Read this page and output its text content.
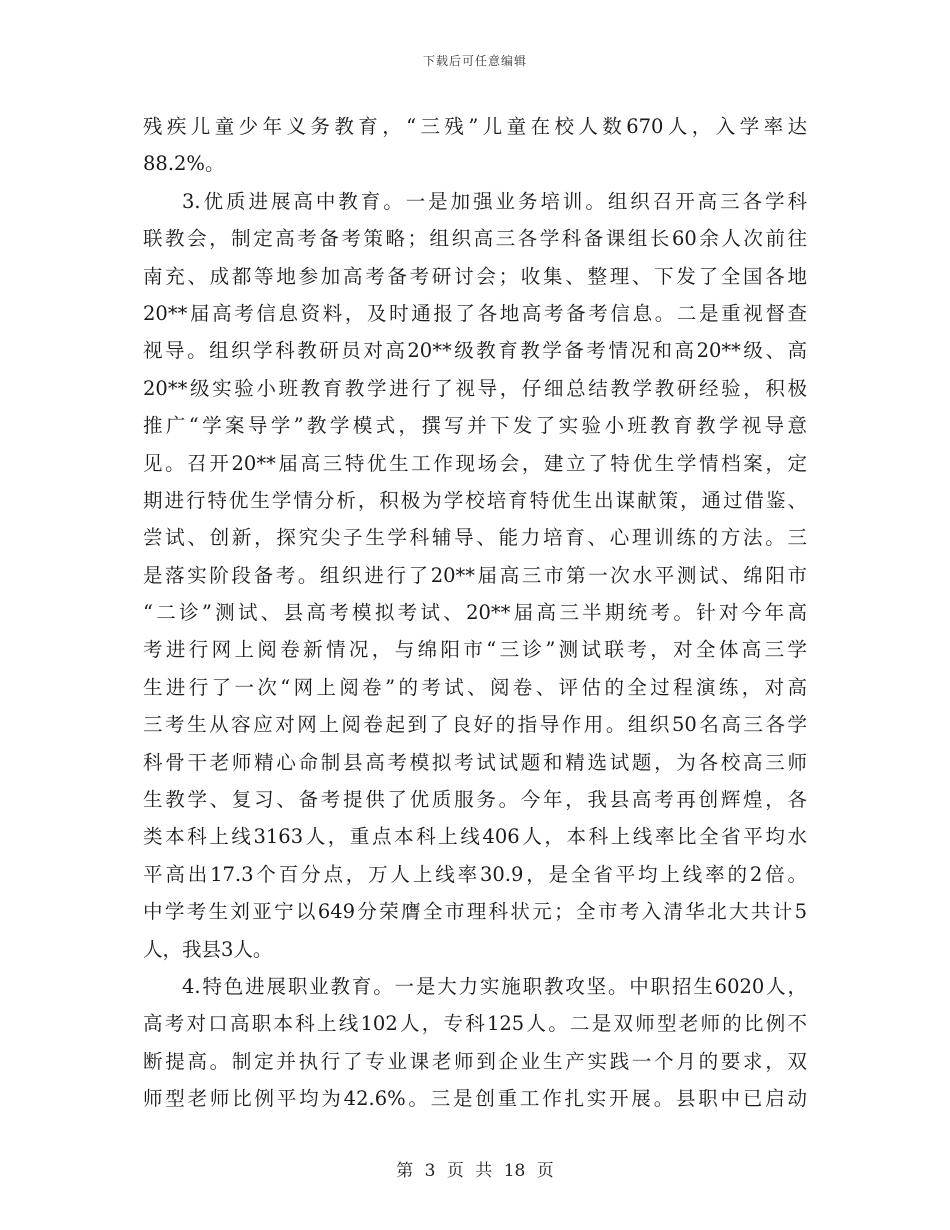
下载后可任意编辑
残疾儿童少年义务教育，“三残”儿童在校人数670人，入学率达
88.2%。
3.优质进展高中教育。一是加强业务培训。组织召开高三各学科
联教会，制定高考备考策略；组织高三各学科备课组长60余人次前往
南充、成都等地参加高考备考研讨会；收集、整理、下发了全国各地
20**届高考信息资料，及时通报了各地高考备考信息。二是重视督查
视导。组织学科教研员对高20**级教育教学备考情况和高20**级、高
20**级实验小班教育教学进行了视导，仔细总结教学教研经验，积极
推广“学案导学”教学模式，撰写并下发了实验小班教育教学视导意
见。召开20**届高三特优生工作现场会，建立了特优生学情档案，定
期进行特优生学情分析，积极为学校培育特优生出谋献策，通过借鉴、
尝试、创新，探究尖子生学科辅导、能力培育、心理训练的方法。三
是落实阶段备考。组织进行了20**届高三市第一次水平测试、绵阳市
“二诊”测试、县高考模拟考试、20**届高三半期统考。针对今年高
考进行网上阅卷新情况，与绵阳市“三诊”测试联考，对全体高三学
生进行了一次“网上阅卷”的考试、阅卷、评估的全过程演练，对高
三考生从容应对网上阅卷起到了良好的指导作用。组织50名高三各学
科骨干老师精心命制县高考模拟考试试题和精选试题，为各校高三师
生教学、复习、备考提供了优质服务。今年，我县高考再创辉煌，各
类本科上线3163人，重点本科上线406人，本科上线率比全省平均水
平高出17.3个百分点，万人上线率30.9，是全省平均上线率的2倍。
中学考生刘亚宁以649分荣膺全市理科状元；全市考入清华北大共计5
人，我县3人。
4.特色进展职业教育。一是大力实施职教攻坚。中职招生6020人，
高考对口高职本科上线102人，专科125人。二是双师型老师的比例不
断提高。制定并执行了专业课老师到企业生产实践一个月的要求，双
师型老师比例平均为42.6%。三是创重工作扎实开展。县职中已启动
第 3 页 共 18 页
